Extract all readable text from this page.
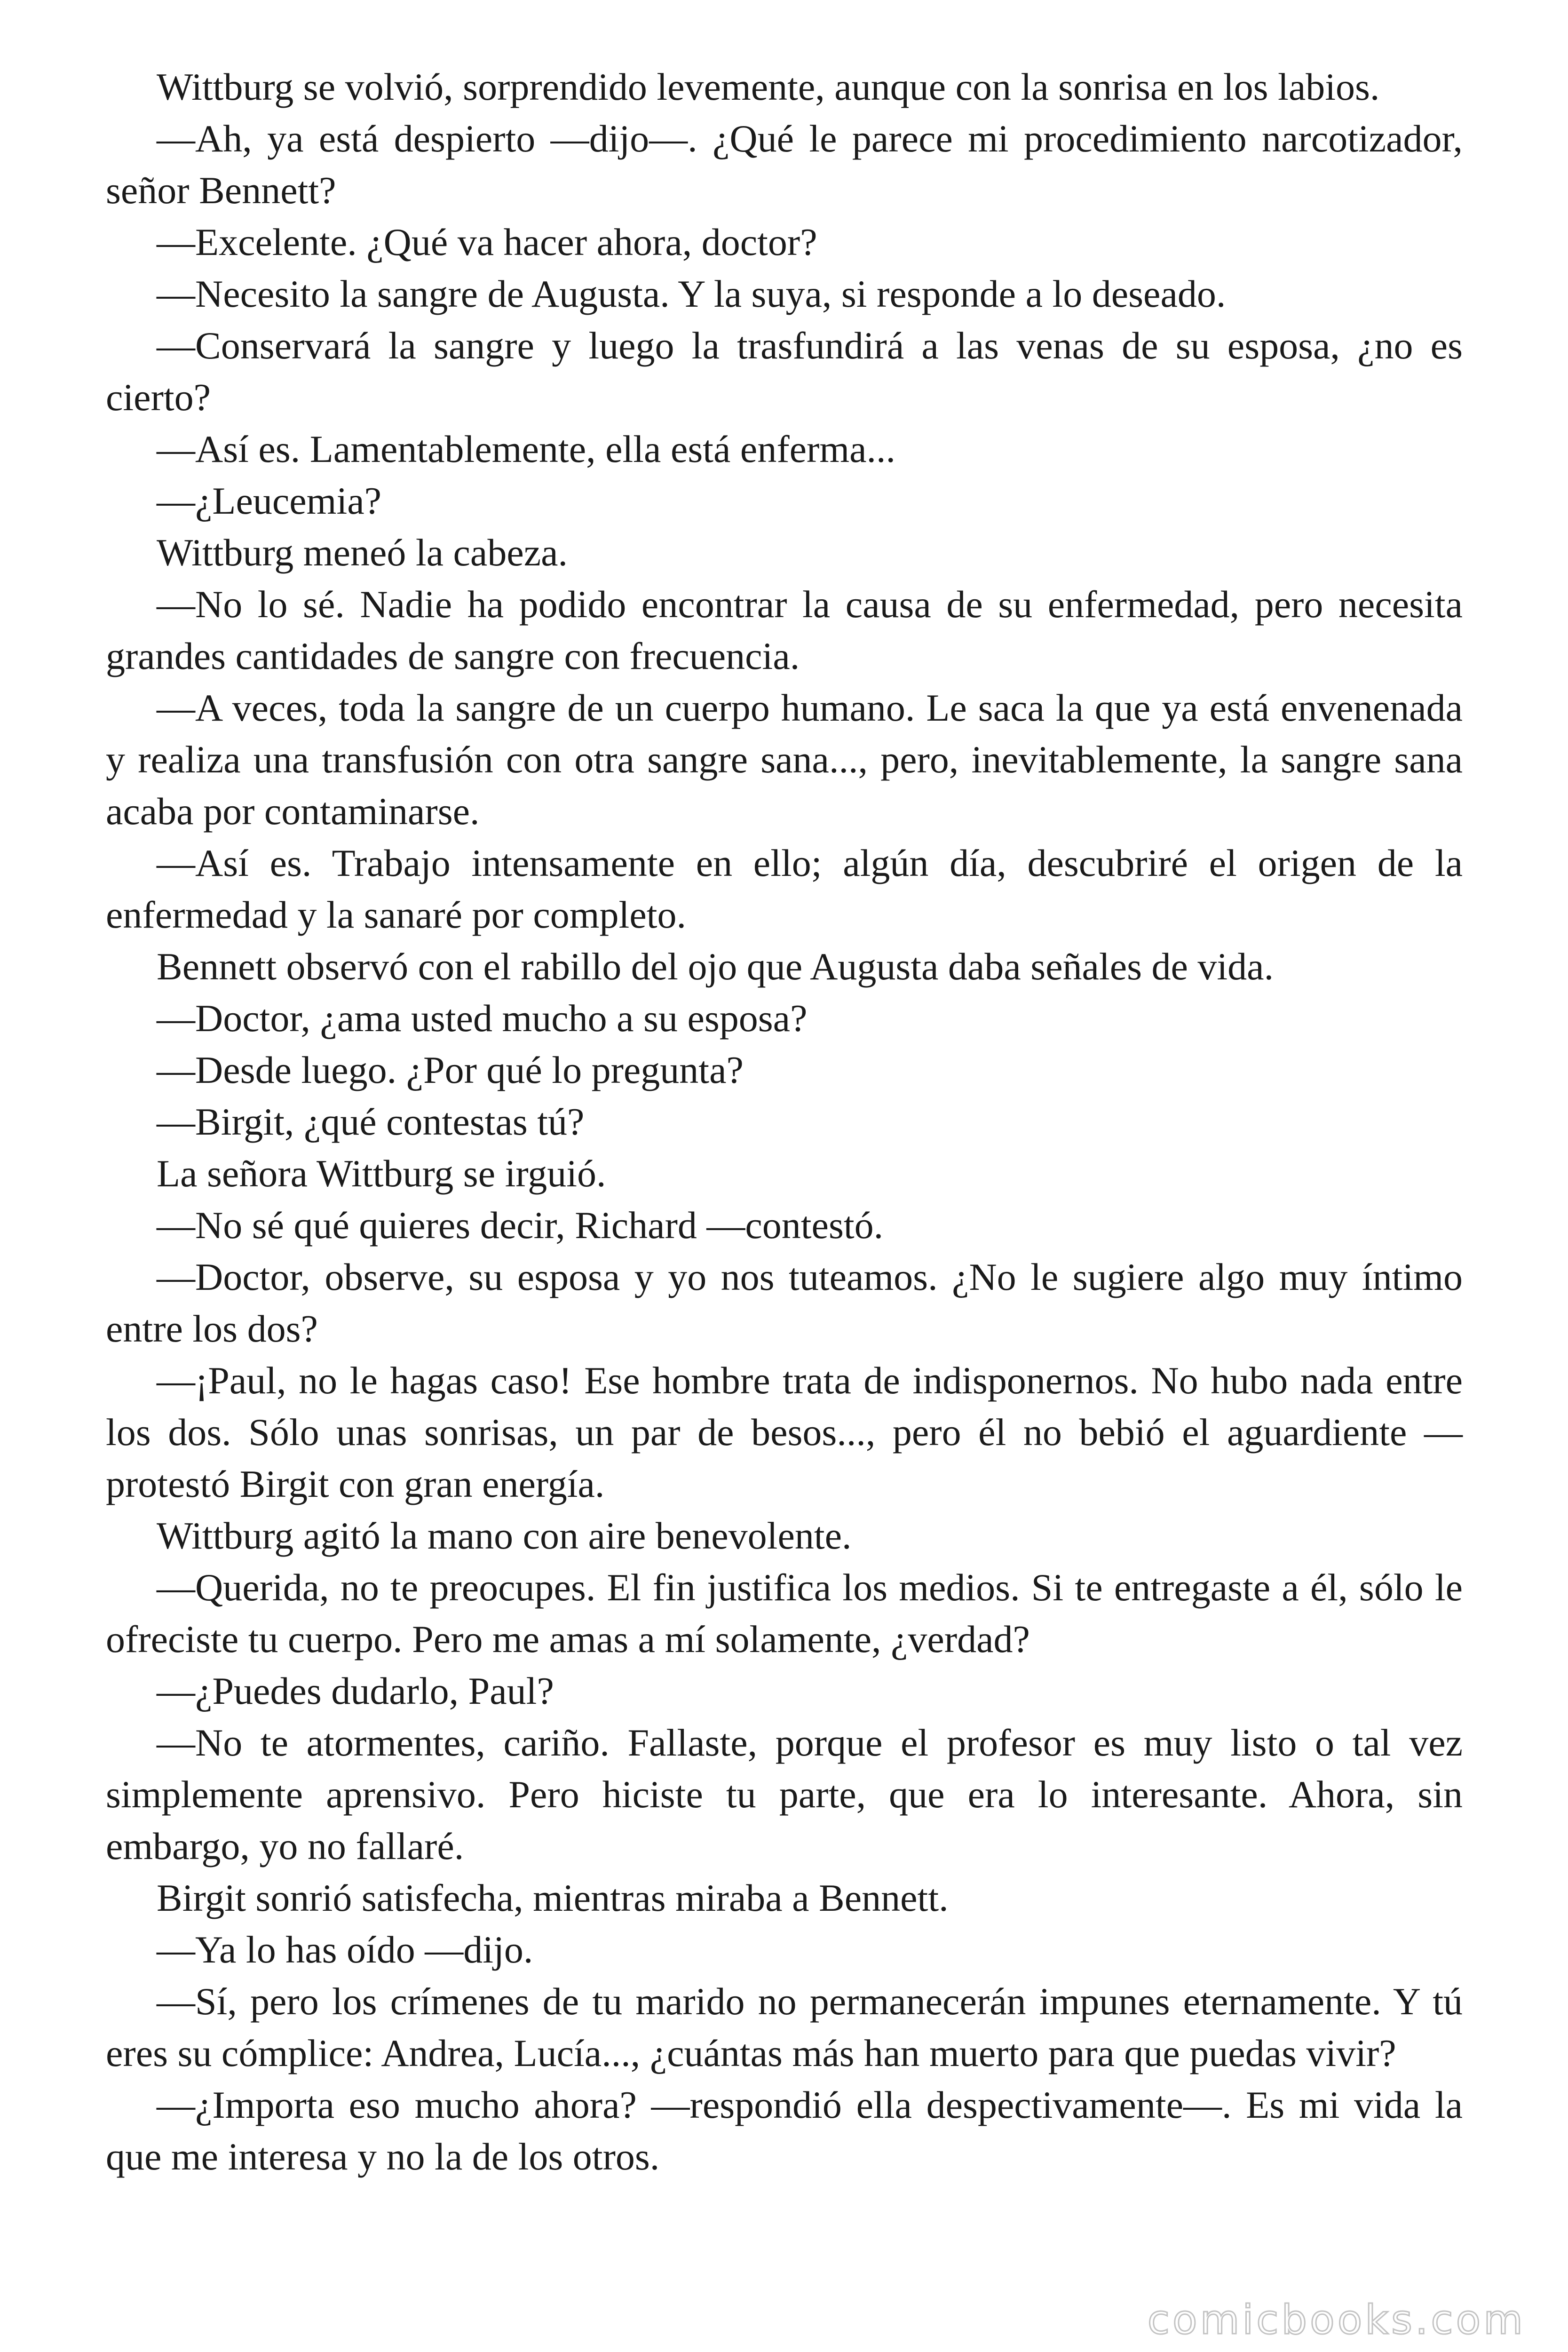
Wittburg se volvió, sorprendido levemente, aunque con la sonrisa en los labios.

—Ah, ya está despierto —dijo—. ¿Qué le parece mi procedimiento narcotizador, señor Bennett?

—Excelente. ¿Qué va hacer ahora, doctor?

—Necesito la sangre de Augusta. Y la suya, si responde a lo deseado.

—Conservará la sangre y luego la trasfundirá a las venas de su esposa, ¿no es cierto?

—Así es. Lamentablemente, ella está enferma...

—¿Leucemia?

Wittburg meneó la cabeza.

—No lo sé. Nadie ha podido encontrar la causa de su enfermedad, pero necesita grandes cantidades de sangre con frecuencia.

—A veces, toda la sangre de un cuerpo humano. Le saca la que ya está envenenada y realiza una transfusión con otra sangre sana..., pero, inevitablemente, la sangre sana acaba por contaminarse.

—Así es. Trabajo intensamente en ello; algún día, descubriré el origen de la enfermedad y la sanaré por completo.

Bennett observó con el rabillo del ojo que Augusta daba señales de vida.

—Doctor, ¿ama usted mucho a su esposa?

—Desde luego. ¿Por qué lo pregunta?

—Birgit, ¿qué contestas tú?

La señora Wittburg se irguió.

—No sé qué quieres decir, Richard —contestó.

—Doctor, observe, su esposa y yo nos tuteamos. ¿No le sugiere algo muy íntimo entre los dos?

—¡Paul, no le hagas caso! Ese hombre trata de indisponernos. No hubo nada entre los dos. Sólo unas sonrisas, un par de besos..., pero él no bebió el aguardiente —protestó Birgit con gran energía.

Wittburg agitó la mano con aire benevolente.

—Querida, no te preocupes. El fin justifica los medios. Si te entregaste a él, sólo le ofreciste tu cuerpo. Pero me amas a mí solamente, ¿verdad?

—¿Puedes dudarlo, Paul?

—No te atormentes, cariño. Fallaste, porque el profesor es muy listo o tal vez simplemente aprensivo. Pero hiciste tu parte, que era lo interesante. Ahora, sin embargo, yo no fallaré.

Birgit sonrió satisfecha, mientras miraba a Bennett.

—Ya lo has oído —dijo.

—Sí, pero los crímenes de tu marido no permanecerán impunes eternamente. Y tú eres su cómplice: Andrea, Lucía..., ¿cuántas más han muerto para que puedas vivir?

—¿Importa eso mucho ahora? —respondió ella despectivamente—. Es mi vida la que me interesa y no la de los otros.

comicbooks.com
